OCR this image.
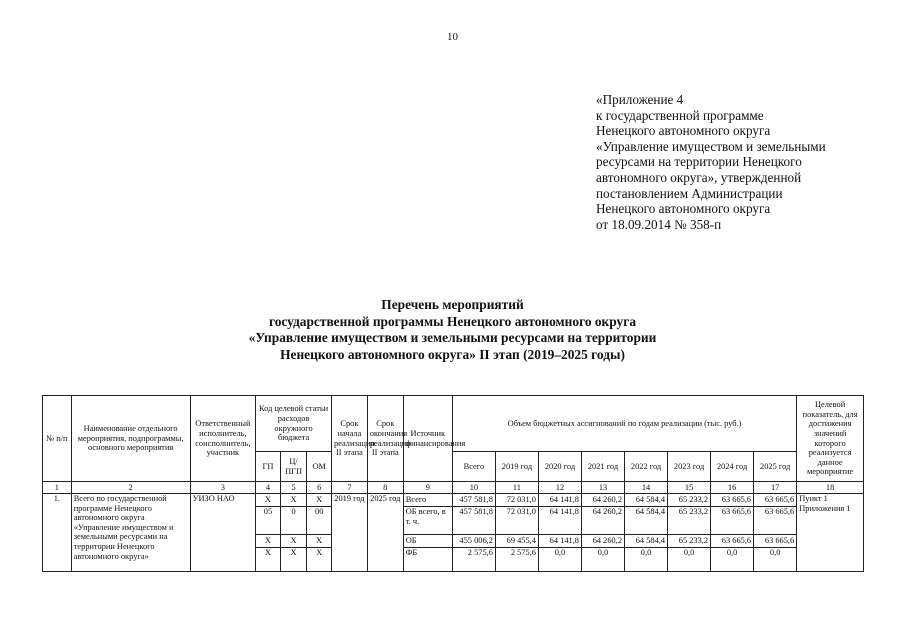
10
«Приложение 4
к государственной программе
Ненецкого автономного округа
«Управление имуществом и земельными
ресурсами на территории Ненецкого
автономного округа», утвержденной
постановлением Администрации
Ненецкого автономного округа
от 18.09.2014 № 358-п
Перечень мероприятий
государственной программы Ненецкого автономного округа
«Управление имуществом и земельными ресурсами на территории
Ненецкого автономного округа» II этап (2019–2025 годы)
№ п/п	Наименование отдельного мероприятия, подпрограммы, основного мероприятия	Ответственный исполнитель, соисполнитель, участник	Код целевой статьи расходов окружного бюджета			Срок начала реализации II этапа	Срок окончания реализации II этапа	Источник финансирования	Объем бюджетных ассигнований по годам реализации (тыс. руб.)								Целевой показатель, для достижения значений которого реализуется данное мероприятие
			ГП	Ц/ ПГП	ОМ				Всего	2019 год	2020 год	2021 год	2022 год	2023 год	2024 год	2025 год	
1	2	3	4	5	6	7	8	9	10	11	12	13	14	15	16	17	18
1.	Всего по государственной программе Ненецкого автономного округа «Управление имуществом и земельными ресурсами на территории Ненецкого автономного округа»	УИЗО НАО	Х	Х	Х	2019 год	2025 год	Всего	457 581,8	72 031,0	64 141,8	64 260,2	64 584,4	65 233,2	63 665,6	63 665,6	Пункт 1 Приложения 1
			05	0	00			ОБ всего, в т. ч.	457 581,8	72 031,0	64 141,8	64 260,2	64 584,4	65 233,2	63 665,6	63 665,6	
			Х	Х	Х			ОБ	455 006,2	69 455,4	64 141,8	64 260,2	64 584,4	65 233,2	63 665,6	63 665,6	
			Х	Х	Х			ФБ	2 575,6	2 575,6	0,0	0,0	0,0	0,0	0,0	0,0	
